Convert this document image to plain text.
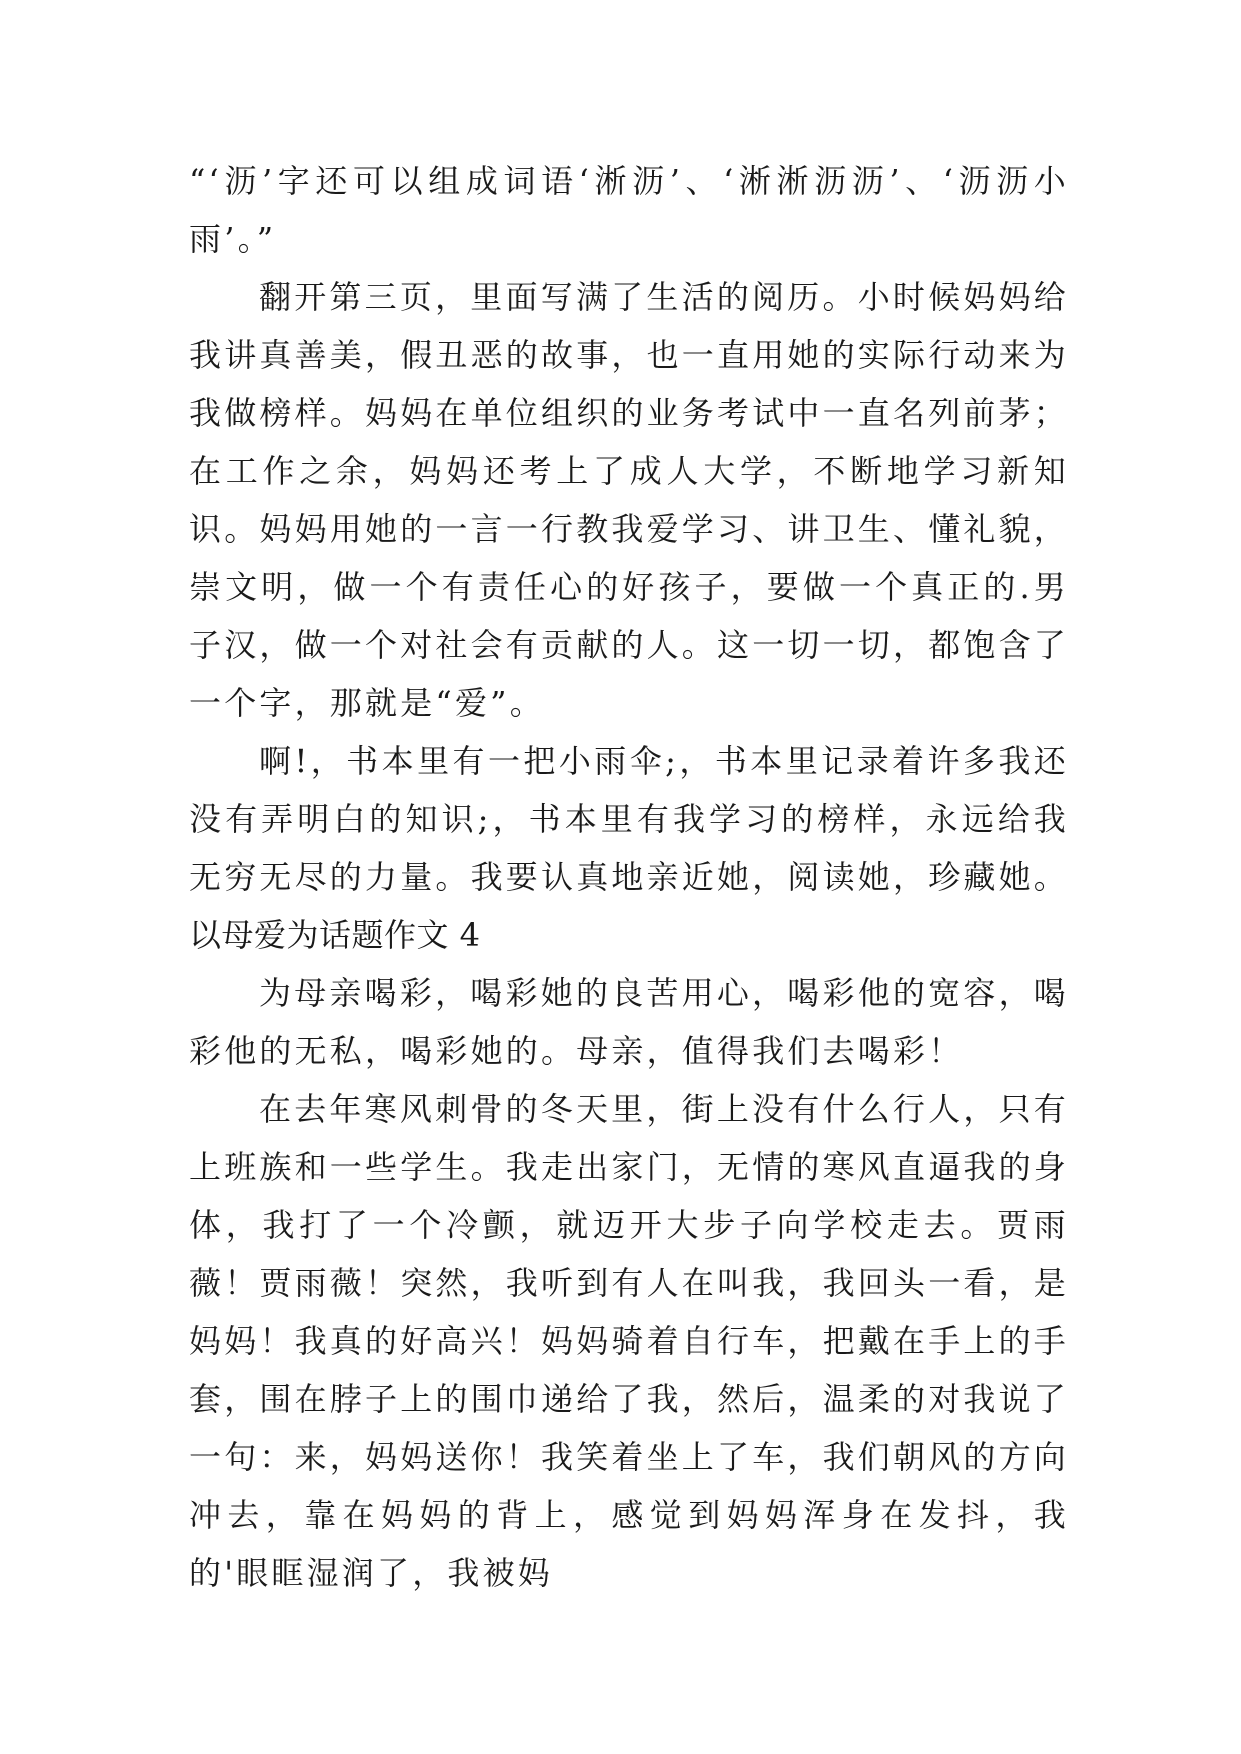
“‘沥’字还可以组成词语‘淅沥’、‘淅淅沥沥’、‘沥沥小雨’。”

翻开第三页，里面写满了生活的阅历。小时候妈妈给我讲真善美，假丑恶的故事，也一直用她的实际行动来为我做榜样。妈妈在单位组织的业务考试中一直名列前茅；在工作之余，妈妈还考上了成人大学，不断地学习新知识。妈妈用她的一言一行教我爱学习、讲卫生、懂礼貌，崇文明，做一个有责任心的好孩子，要做一个真正的.男子汉，做一个对社会有贡献的人。这一切一切，都饱含了一个字，那就是“爱”。

啊!，书本里有一把小雨伞;，书本里记录着许多我还没有弄明白的知识;，书本里有我学习的榜样，永远给我无穷无尽的力量。我要认真地亲近她，阅读她，珍藏她。

以母爱为话题作文 4

为母亲喝彩，喝彩她的良苦用心，喝彩他的宽容，喝彩他的无私，喝彩她的。母亲，值得我们去喝彩！

在去年寒风刺骨的冬天里，街上没有什么行人，只有上班族和一些学生。我走出家门，无情的寒风直逼我的身体，我打了一个冷颤，就迈开大步子向学校走去。贾雨薇！贾雨薇！突然，我听到有人在叫我，我回头一看，是妈妈！我真的好高兴！妈妈骑着自行车，把戴在手上的手套，围在脖子上的围巾递给了我，然后，温柔的对我说了一句：来，妈妈送你！我笑着坐上了车，我们朝风的方向冲去，靠在妈妈的背上，感觉到妈妈浑身在发抖，我的'眼眶湿润了，我被妈
